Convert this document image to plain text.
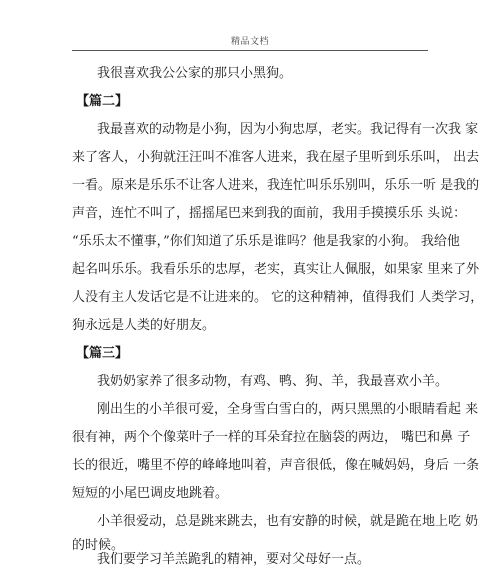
精品文档
我很喜欢我公公家的那只小黑狗。
【篇二】
我最喜欢的动物是小狗，因为小狗忠厚，老实。我记得有一次我 家
来了客人，小狗就汪汪叫不准客人进来，我在屋子里听到乐乐叫， 出去
一看。原来是乐乐不让客人进来，我连忙叫乐乐别叫，乐乐一听 是我的
声音，连忙不叫了，摇摇尾巴来到我的面前，我用手摸摸乐乐 头说：
“乐乐太不懂事，”你们知道了乐乐是谁吗？他是我家的小狗。 我给他
起名叫乐乐。我看乐乐的忠厚，老实，真实让人佩服，如果家 里来了外
人没有主人发话它是不让进来的。 它的这种精神，值得我们 人类学习，
狗永远是人类的好朋友。
【篇三】
我奶奶家养了很多动物，有鸡、鸭、狗、羊，我最喜欢小羊。
刚出生的小羊很可爱，全身雪白雪白的，两只黑黑的小眼睛看起 来
很有神，两个个像菜叶子一样的耳朵耷拉在脑袋的两边， 嘴巴和鼻 子
长的很近，嘴里不停的峰峰地叫着，声音很低，像在喊妈妈，身后 一条
短短的小尾巴调皮地跳着。
小羊很爱动，总是跳来跳去，也有安静的时候，就是跪在地上吃 奶
的时候。
我们要学习羊羔跪乳的精神，要对父母好一点。
